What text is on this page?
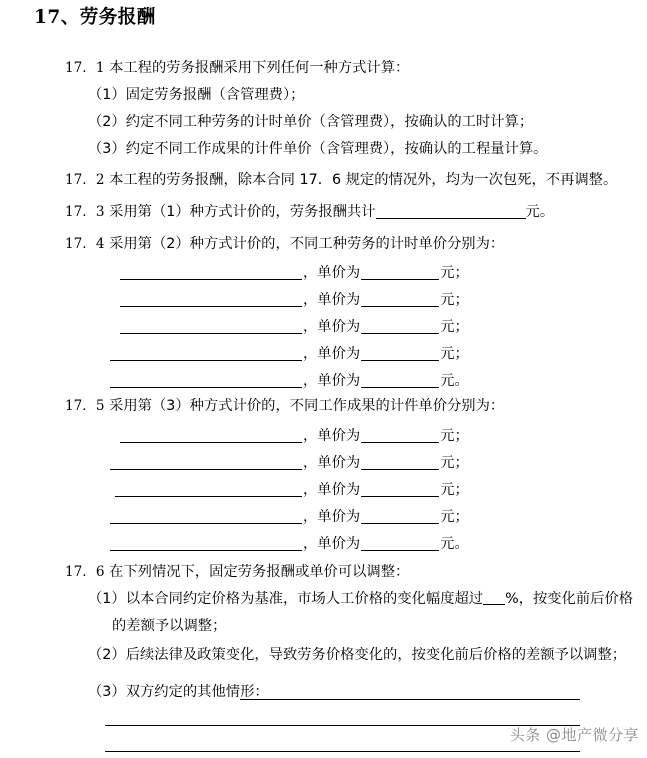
17、劳务报酬
17．1 本工程的劳务报酬采用下列任何一种方式计算：
（1）固定劳务报酬（含管理费）；
（2）约定不同工种劳务的计时单价（含管理费），按确认的工时计算；
（3）约定不同工作成果的计件单价（含管理费），按确认的工程量计算。
17．2 本工程的劳务报酬，除本合同 17．6 规定的情况外，均为一次包死，不再调整。
17．3 采用第（1）种方式计价的，劳务报酬共计	元。
17．4 采用第（2）种方式计价的，不同工种劳务的计时单价分别为：
，单价为	元；
，单价为	元；
，单价为	元；
，单价为	元；
，单价为	元。
17．5 采用第（3）种方式计价的，不同工作成果的计件单价分别为：
，单价为	元；
，单价为	元；
，单价为	元；
，单价为	元；
，单价为	元。
17．6 在下列情况下，固定劳务报酬或单价可以调整：
（1）以本合同约定价格为基准，市场人工价格的变化幅度超过 %，按变化前后价格
的差额予以调整；
（2）后续法律及政策变化，导致劳务价格变化的，按变化前后价格的差额予以调整；
（3）双方约定的其他情形：
头条 @地产微分享
